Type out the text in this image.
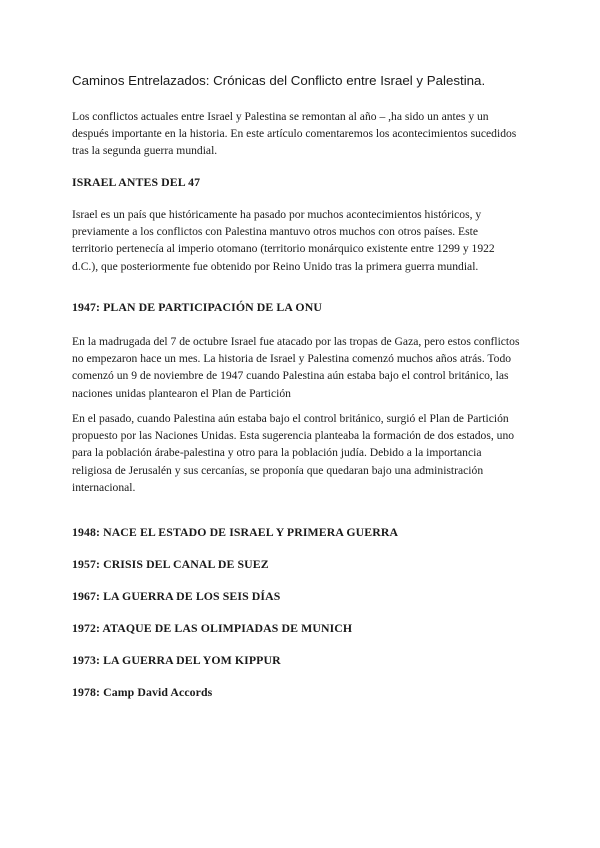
Caminos Entrelazados: Crónicas del Conflicto entre Israel y Palestina.

Los conflictos actuales entre Israel y Palestina se remontan al año – ,ha sido un antes y un después importante en la historia. En este artículo comentaremos los acontecimientos sucedidos tras la segunda guerra mundial.

ISRAEL ANTES DEL 47

Israel es un país que históricamente ha pasado por muchos acontecimientos históricos, y previamente a los conflictos con Palestina mantuvo otros muchos con otros países. Este territorio pertenecía al imperio otomano (territorio monárquico existente entre 1299 y 1922 d.C.), que posteriormente fue obtenido por Reino Unido tras la primera guerra mundial.

1947: PLAN DE PARTICIPACIÓN DE LA ONU

En la madrugada del 7 de octubre Israel fue atacado por las tropas de Gaza, pero estos conflictos no empezaron hace un mes. La historia de Israel y Palestina comenzó muchos años atrás. Todo comenzó un 9 de noviembre de 1947 cuando Palestina aún estaba bajo el control británico, las naciones unidas plantearon el Plan de Partición

En el pasado, cuando Palestina aún estaba bajo el control británico, surgió el Plan de Partición propuesto por las Naciones Unidas. Esta sugerencia planteaba la formación de dos estados, uno para la población árabe-palestina y otro para la población judía. Debido a la importancia religiosa de Jerusalén y sus cercanías, se proponía que quedaran bajo una administración internacional.

1948: NACE EL ESTADO DE ISRAEL Y PRIMERA GUERRA
1957: CRISIS DEL CANAL DE SUEZ
1967: LA GUERRA DE LOS SEIS DÍAS
1972: ATAQUE DE LAS OLIMPIADAS DE MUNICH
1973: LA GUERRA DEL YOM KIPPUR
1978: Camp David Accords
